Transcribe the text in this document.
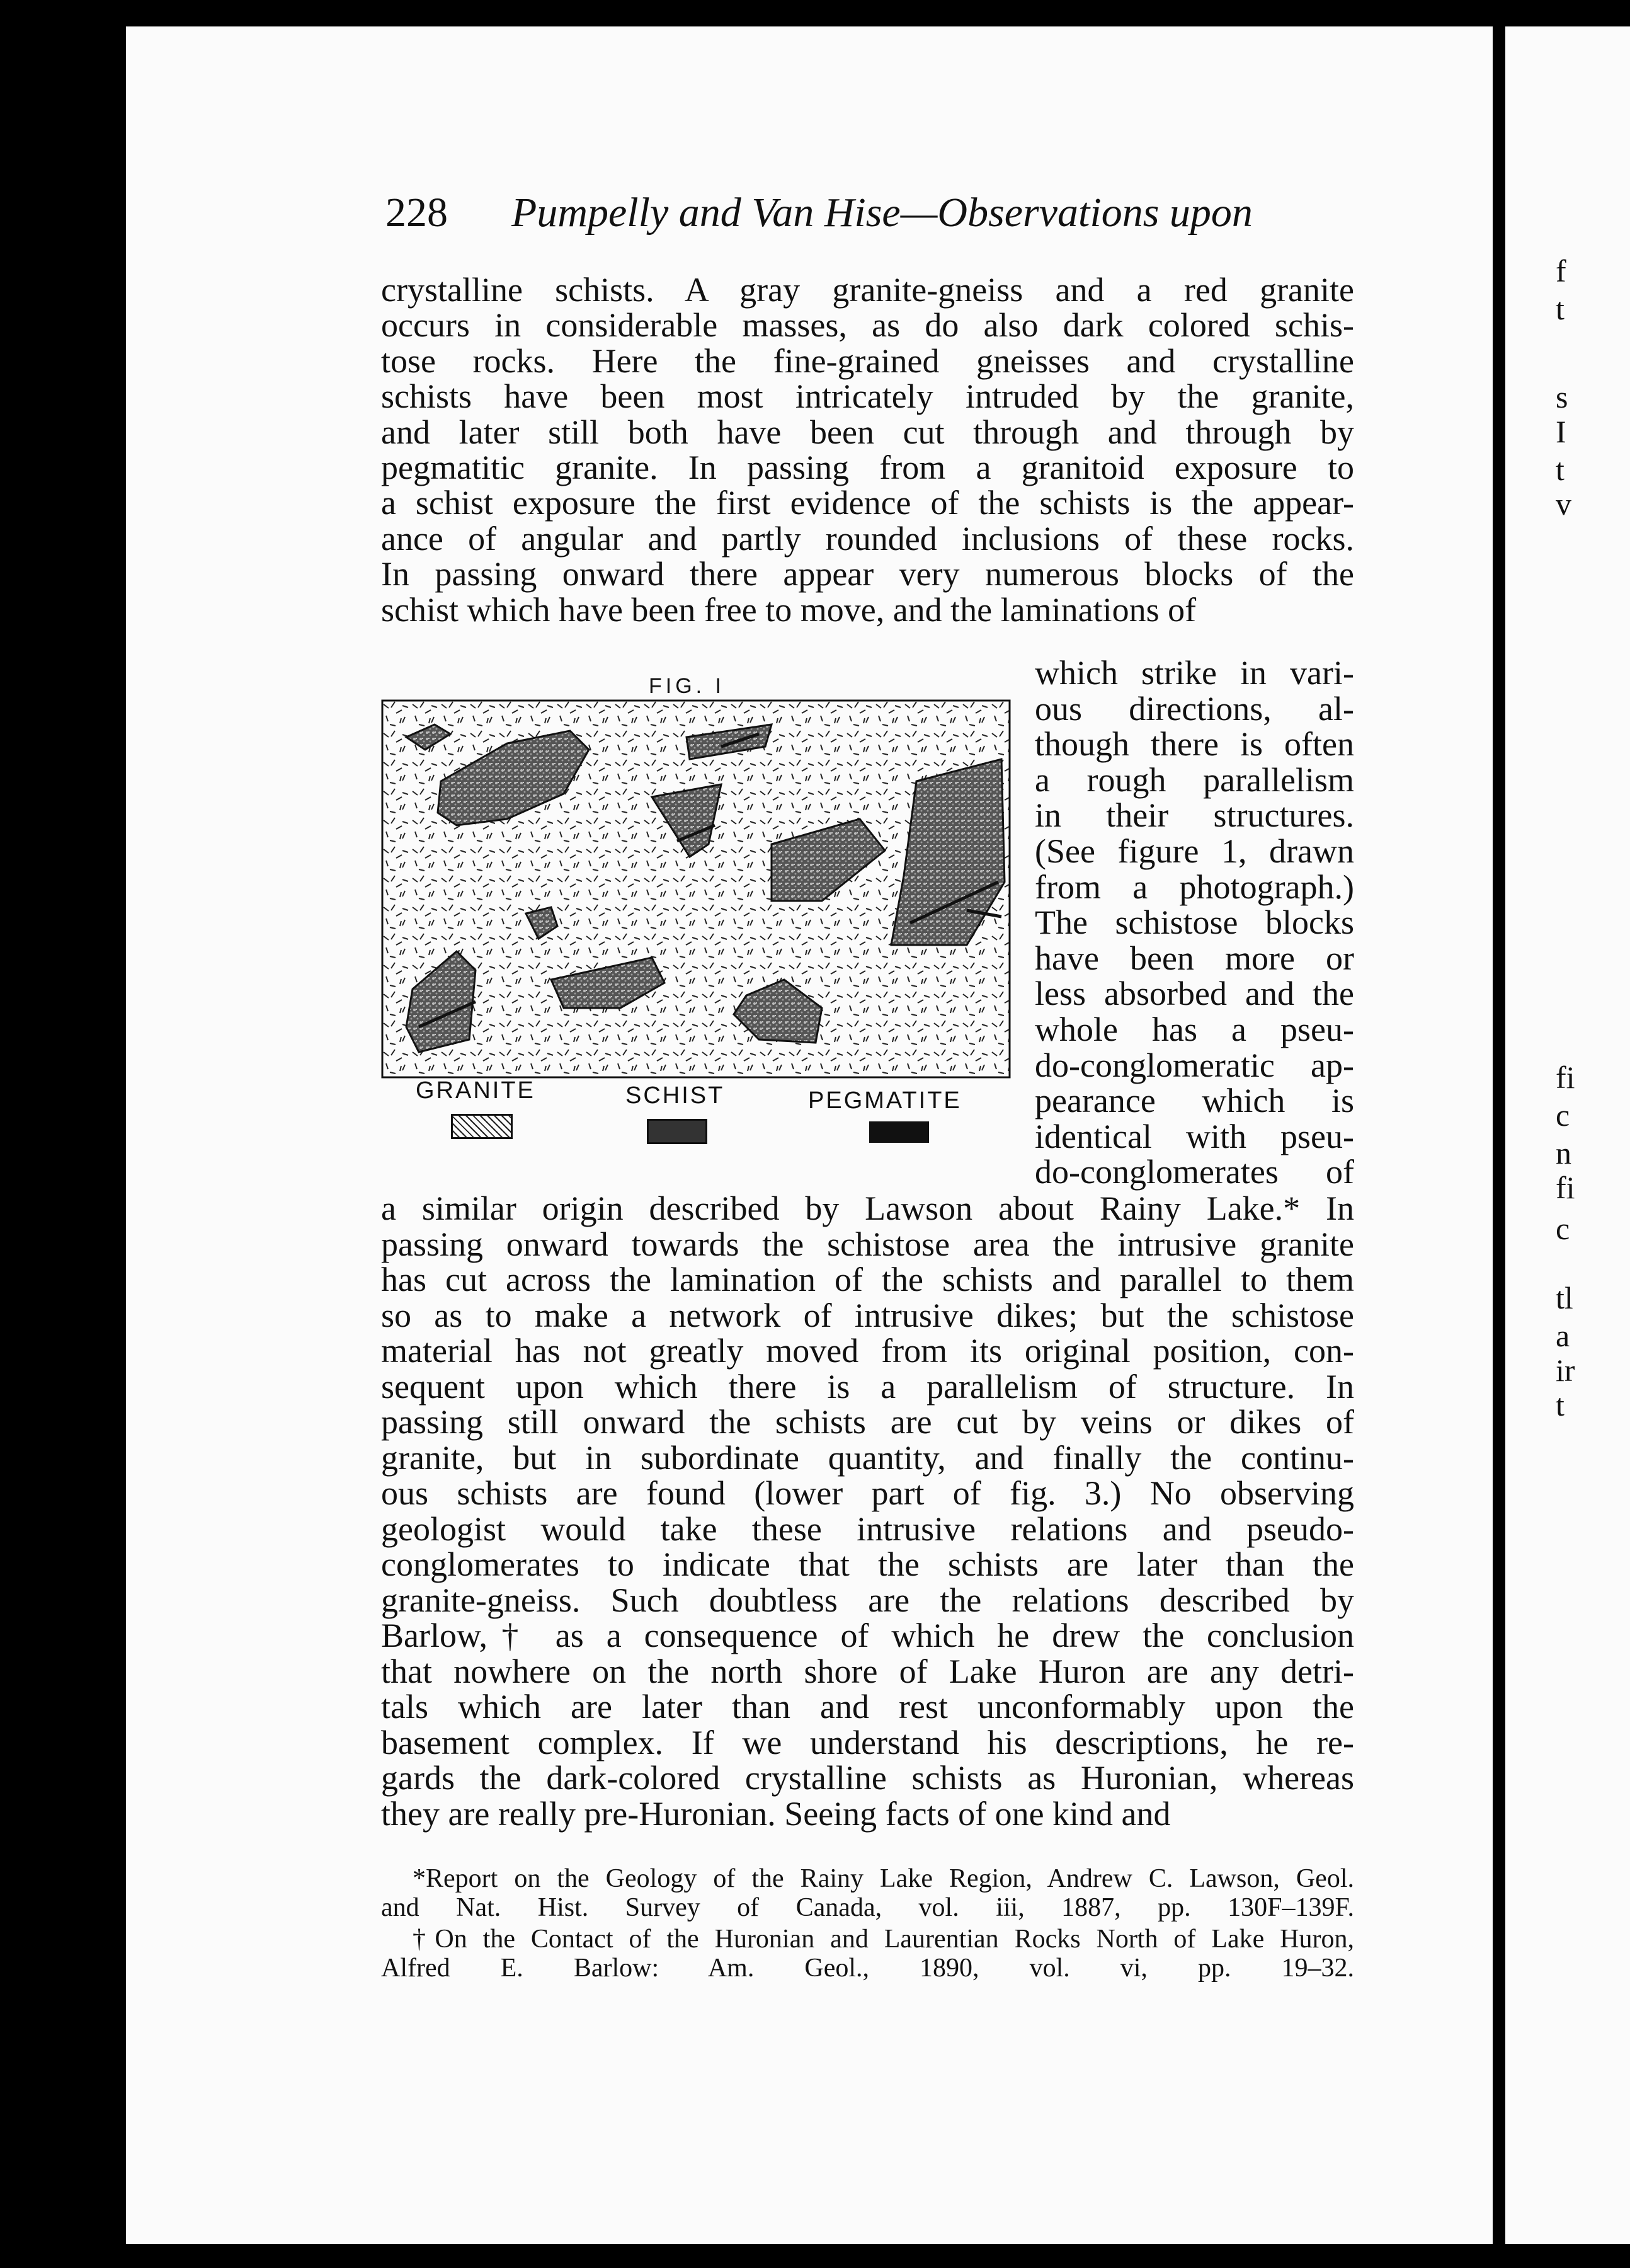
f
t
s
I
t
v
fi
c
n
fi
c
tl
a
ir
t
228 Pumpelly and Van Hise—Observations upon
crystalline schists. A gray granite-gneiss and a red granite
occurs in considerable masses, as do also dark colored schis-
tose rocks. Here the fine-grained gneisses and crystalline
schists have been most intricately intruded by the granite,
and later still both have been cut through and through by
pegmatitic granite. In passing from a granitoid exposure to
a schist exposure the first evidence of the schists is the appear-
ance of angular and partly rounded inclusions of these rocks.
In passing onward there appear very numerous blocks of the
schist which have been free to move, and the laminations of
which strike in vari-
ous directions, al-
though there is often
a rough parallelism
in their structures.
(See figure 1, drawn
from a photograph.)
The schistose blocks
have been more or
less absorbed and the
whole has a pseu-
do-conglomeratic ap-
pearance which is
identical with pseu-
do-conglomerates of
a similar origin described by Lawson about Rainy Lake.* In
passing onward towards the schistose area the intrusive granite
has cut across the lamination of the schists and parallel to them
so as to make a network of intrusive dikes; but the schistose
material has not greatly moved from its original position, con-
sequent upon which there is a parallelism of structure. In
passing still onward the schists are cut by veins or dikes of
granite, but in subordinate quantity, and finally the continu-
ous schists are found (lower part of fig. 3.) No observing
geologist would take these intrusive relations and pseudo-
conglomerates to indicate that the schists are later than the
granite-gneiss. Such doubtless are the relations described by
Barlow,† as a consequence of which he drew the conclusion
that nowhere on the north shore of Lake Huron are any detri-
tals which are later than and rest unconformably upon the
basement complex. If we understand his descriptions, he re-
gards the dark-colored crystalline schists as Huronian, whereas
they are really pre-Huronian. Seeing facts of one kind and
*Report on the Geology of the Rainy Lake Region, Andrew C. Lawson, Geol.
and Nat. Hist. Survey of Canada, vol. iii, 1887, pp. 130F–139F.
†On the Contact of the Huronian and Laurentian Rocks North of Lake Huron,
Alfred E. Barlow: Am. Geol., 1890, vol. vi, pp. 19–32.
FIG. I
GRANITE	SCHIST	PEGMATITE
